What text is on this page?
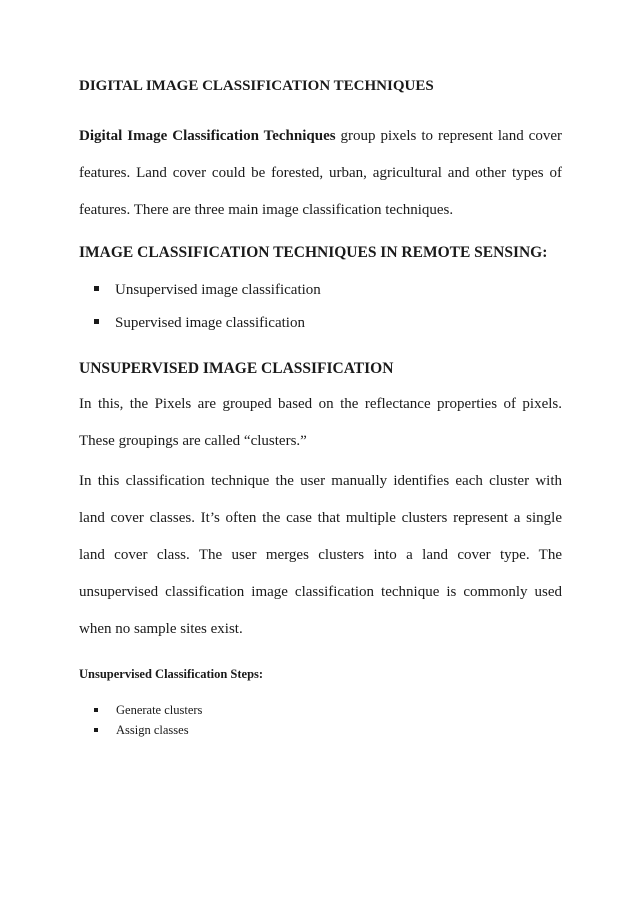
DIGITAL IMAGE CLASSIFICATION TECHNIQUES

Digital Image Classification Techniques group pixels to represent land cover features. Land cover could be forested, urban, agricultural and other types of features. There are three main image classification techniques.

IMAGE CLASSIFICATION TECHNIQUES IN REMOTE SENSING:

Unsupervised image classification
Supervised image classification

UNSUPERVISED IMAGE CLASSIFICATION

In this, the Pixels are grouped based on the reflectance properties of pixels. These groupings are called “clusters.”

In this classification technique the user manually identifies each cluster with land cover classes. It’s often the case that multiple clusters represent a single land cover class. The user merges clusters into a land cover type. The unsupervised classification image classification technique is commonly used when no sample sites exist.

Unsupervised Classification Steps:

Generate clusters
Assign classes
